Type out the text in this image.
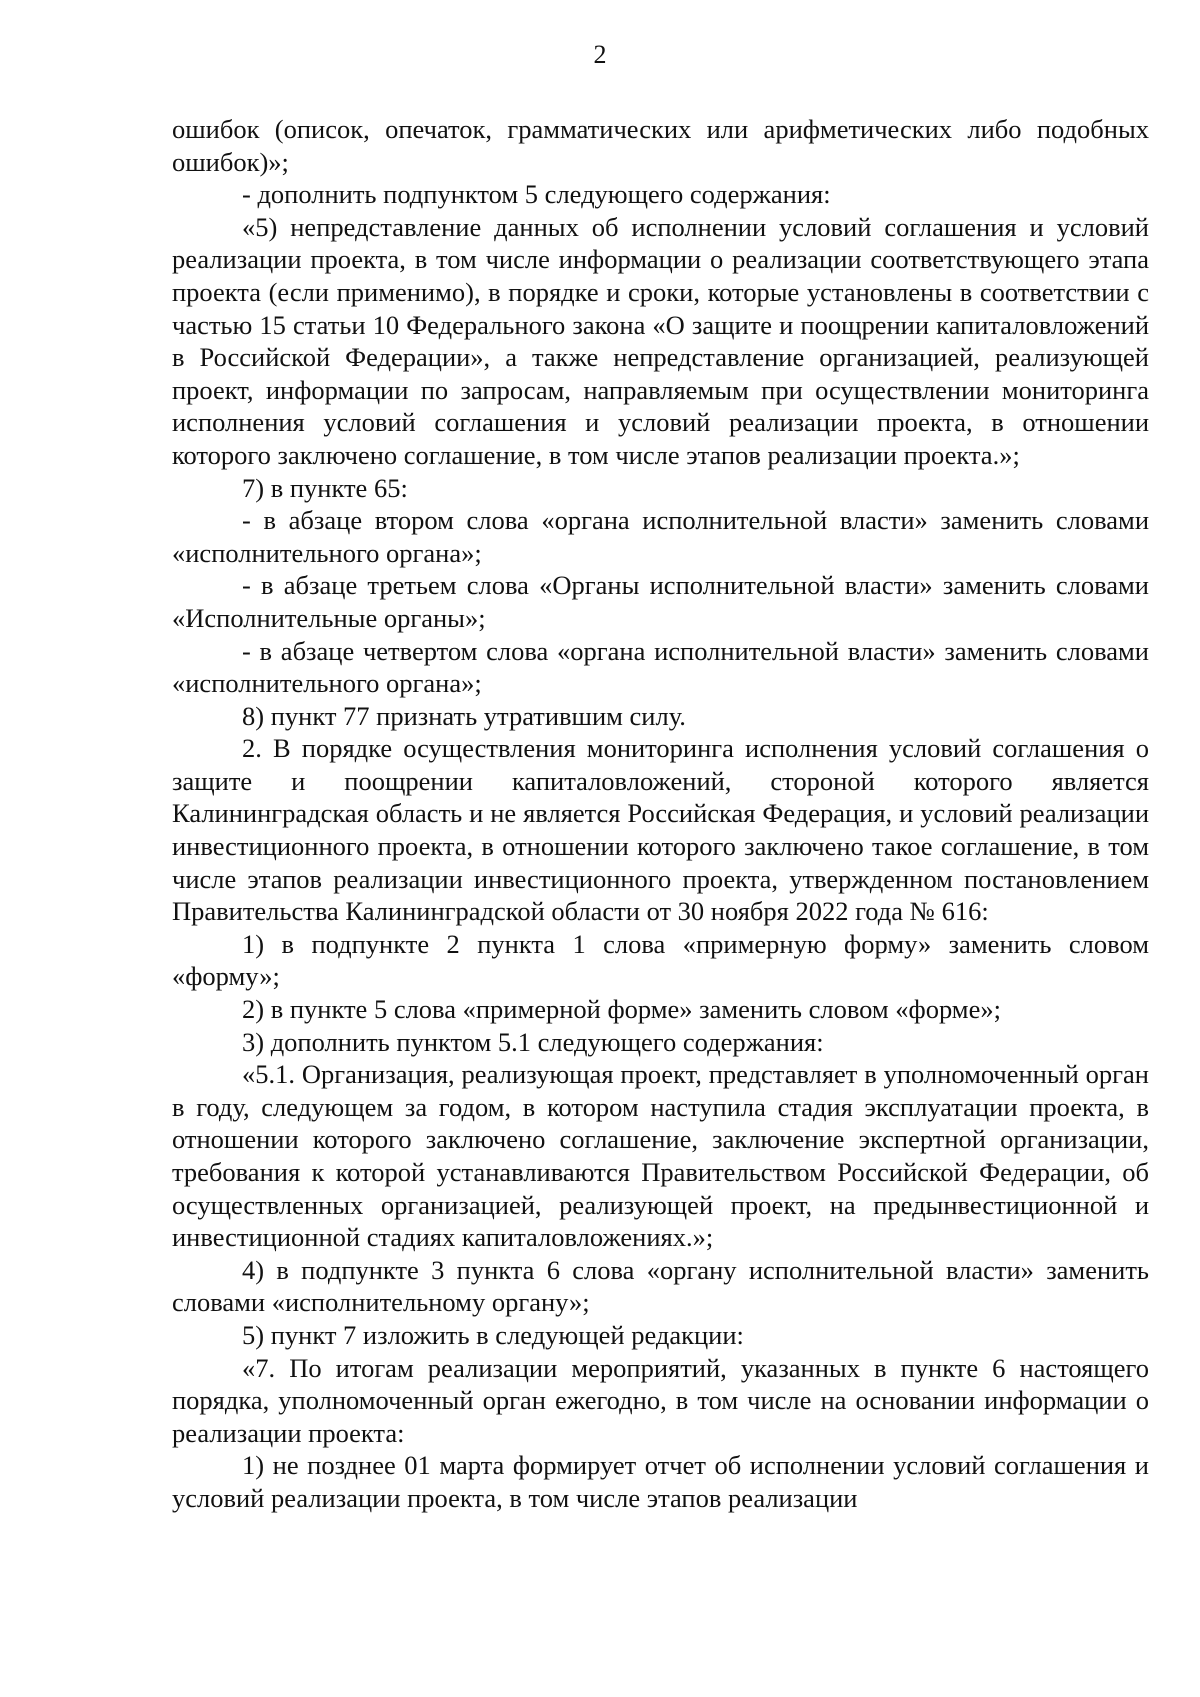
2

ошибок (описок, опечаток, грамматических или арифметических либо подобных ошибок)»;

- дополнить подпунктом 5 следующего содержания:

«5) непредставление данных об исполнении условий соглашения и условий реализации проекта, в том числе информации о реализации соответствующего этапа проекта (если применимо), в порядке и сроки, которые установлены в соответствии с частью 15 статьи 10 Федерального закона «О защите и поощрении капиталовложений в Российской Федерации», а также непредставление организацией, реализующей проект, информации по запросам, направляемым при осуществлении мониторинга исполнения условий соглашения и условий реализации проекта, в отношении которого заключено соглашение, в том числе этапов реализации проекта.»;

7) в пункте 65:

- в абзаце втором слова «органа исполнительной власти» заменить словами «исполнительного органа»;

- в абзаце третьем слова «Органы исполнительной власти» заменить словами «Исполнительные органы»;

- в абзаце четвертом слова «органа исполнительной власти» заменить словами «исполнительного органа»;

8) пункт 77 признать утратившим силу.

2. В порядке осуществления мониторинга исполнения условий соглашения о защите и поощрении капиталовложений, стороной которого является Калининградская область и не является Российская Федерация, и условий реализации инвестиционного проекта, в отношении которого заключено такое соглашение, в том числе этапов реализации инвестиционного проекта, утвержденном постановлением Правительства Калининградской области от 30 ноября 2022 года № 616:

1) в подпункте 2 пункта 1 слова «примерную форму» заменить словом «форму»;

2) в пункте 5 слова «примерной форме» заменить словом «форме»;

3) дополнить пунктом 5.1 следующего содержания:

«5.1. Организация, реализующая проект, представляет в уполномоченный орган в году, следующем за годом, в котором наступила стадия эксплуатации проекта, в отношении которого заключено соглашение, заключение экспертной организации, требования к которой устанавливаются Правительством Российской Федерации, об осуществленных организацией, реализующей проект, на предынвестиционной и инвестиционной стадиях капиталовложениях.»;

4) в подпункте 3 пункта 6 слова «органу исполнительной власти» заменить словами «исполнительному органу»;

5) пункт 7 изложить в следующей редакции:

«7. По итогам реализации мероприятий, указанных в пункте 6 настоящего порядка, уполномоченный орган ежегодно, в том числе на основании информации о реализации проекта:

1) не позднее 01 марта формирует отчет об исполнении условий соглашения и условий реализации проекта, в том числе этапов реализации
